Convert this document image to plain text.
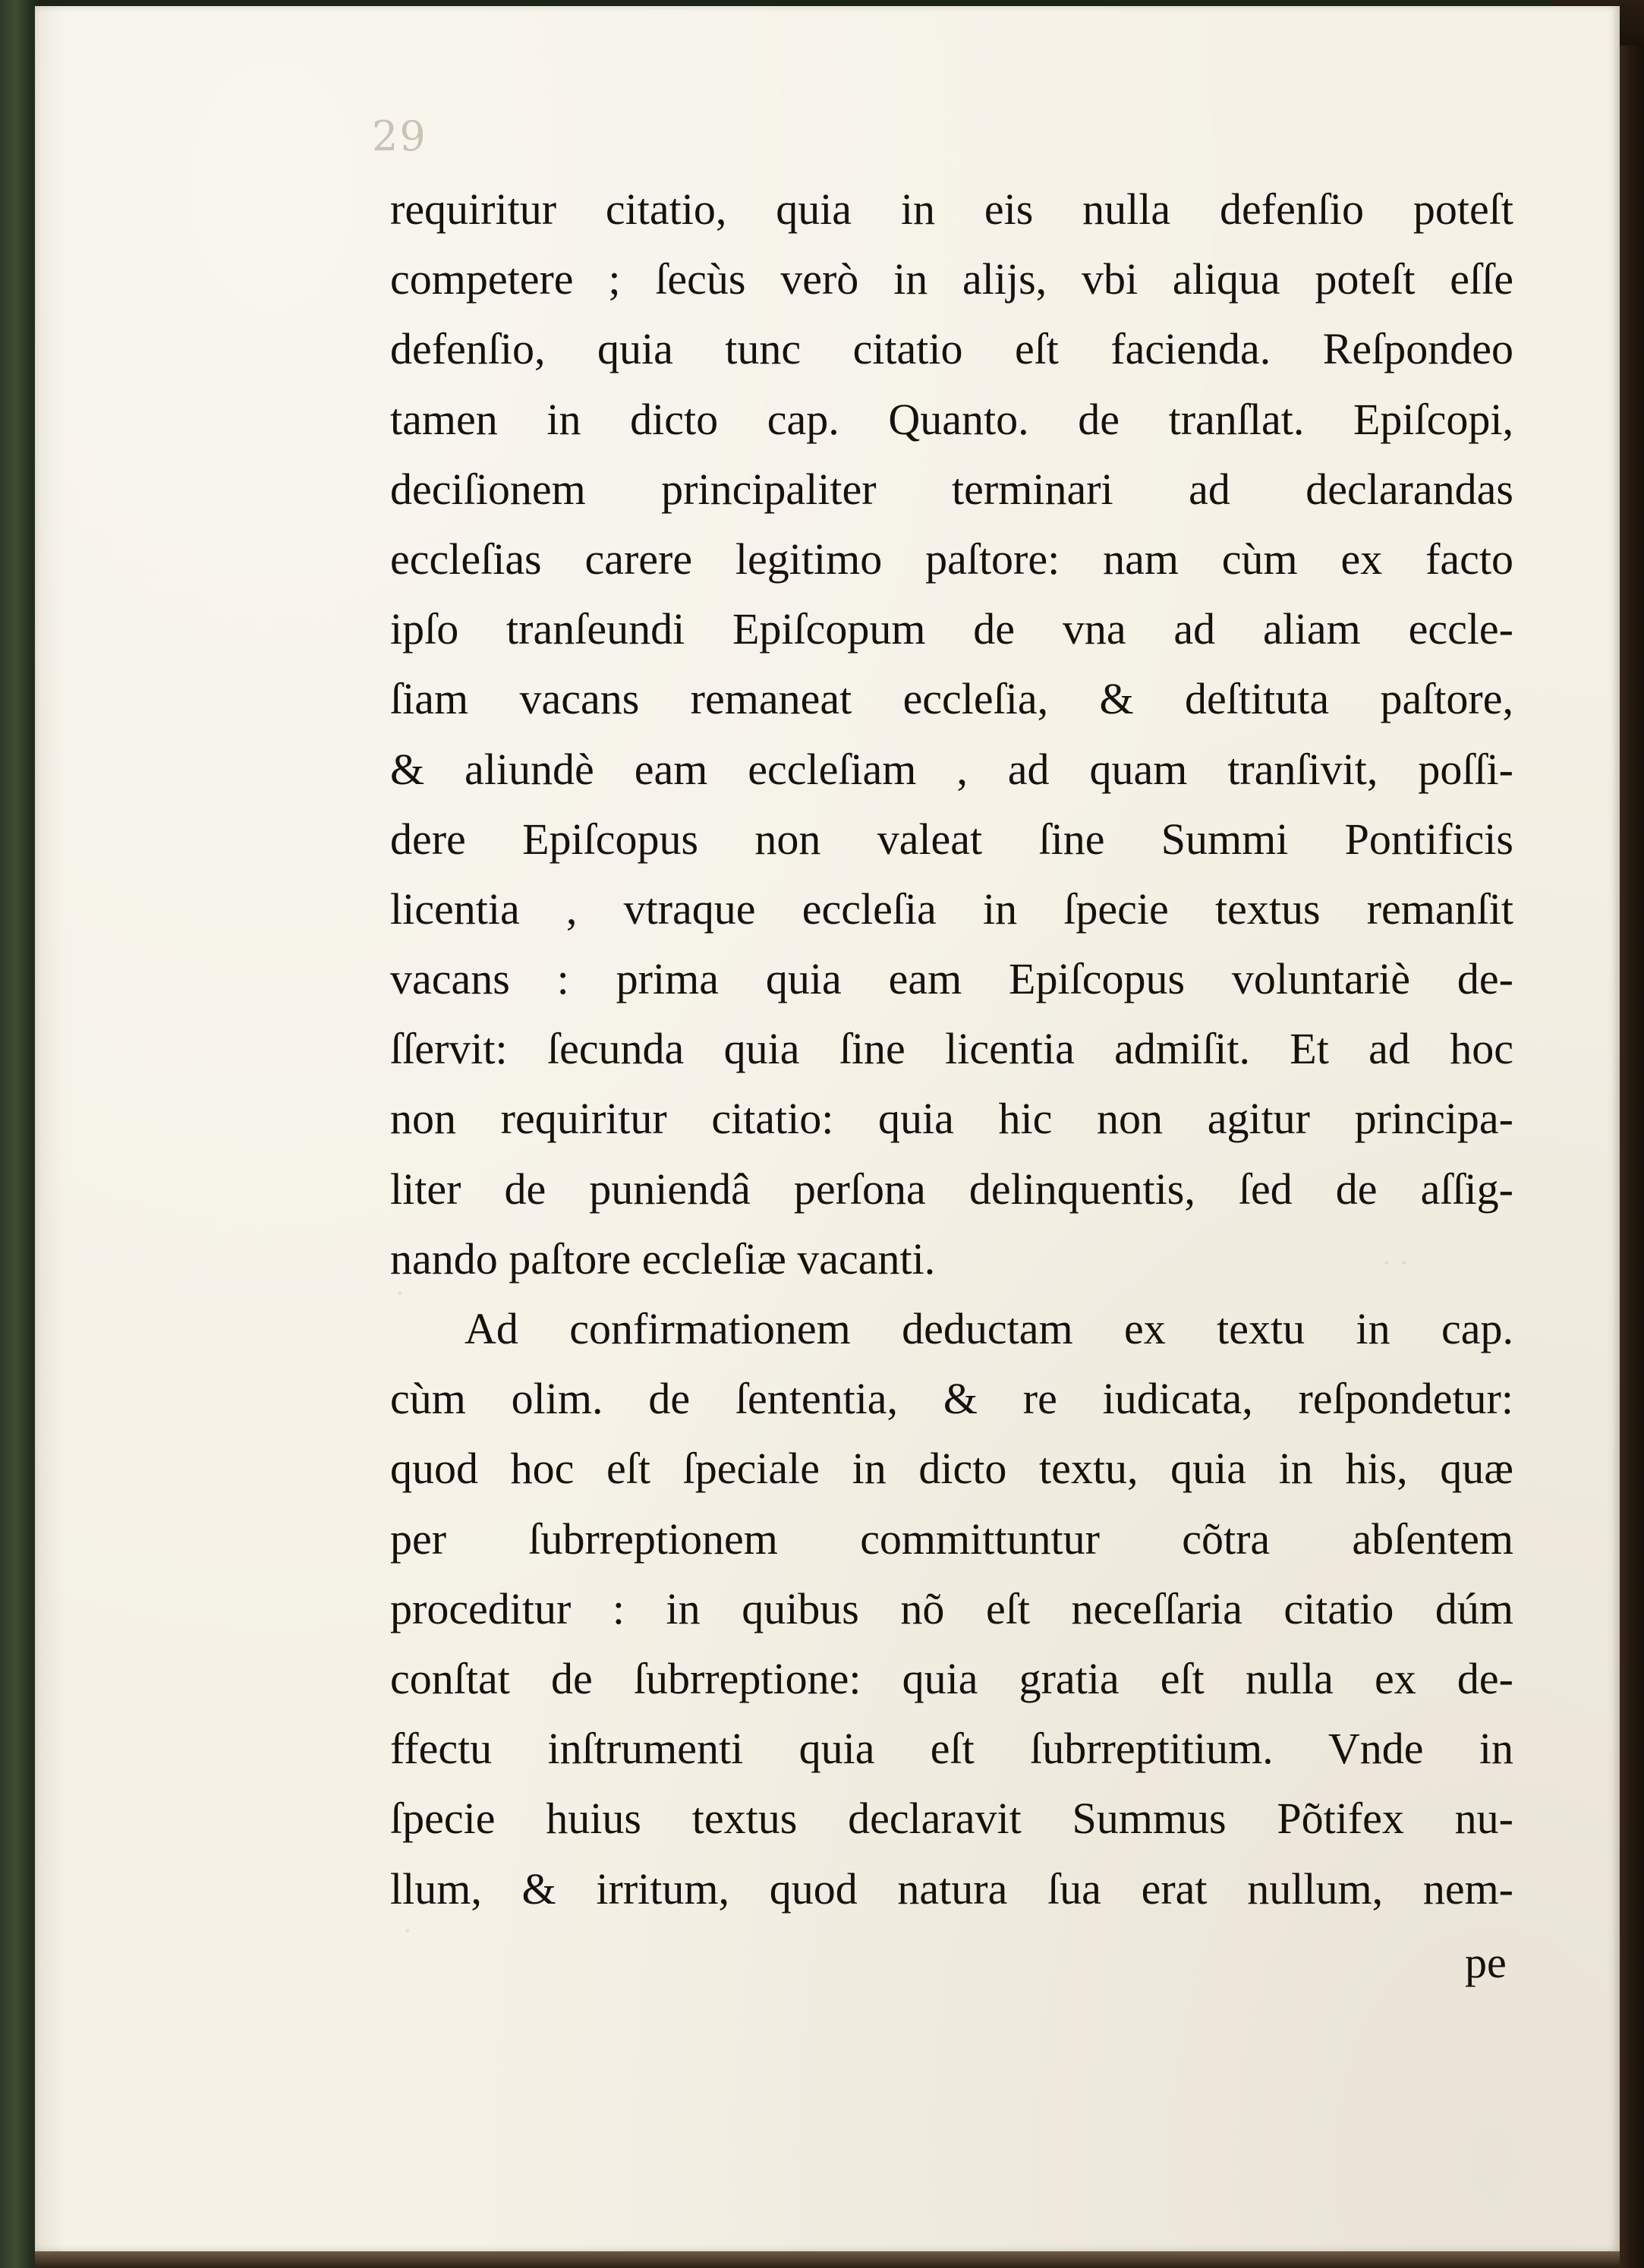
29
· ·
·
·
requiritur citatio, quia in eis nulla defenſio poteſt
competere ; ſecùs verò in alijs, vbi aliqua poteſt eſſe
defenſio, quia tunc citatio eſt facienda. Reſpondeo
tamen in dicto cap. Quanto. de tranſlat. Epiſcopi,
deciſionem principaliter terminari ad declarandas
eccleſias carere legitimo paſtore: nam cùm ex facto
ipſo tranſeundi Epiſcopum de vna ad aliam eccle-
ſiam vacans remaneat eccleſia, & deſtituta paſtore,
& aliundè eam eccleſiam , ad quam tranſivit, poſſi-
dere Epiſcopus non valeat ſine Summi Pontificis
licentia , vtraque eccleſia in ſpecie textus remanſit
vacans : prima quia eam Epiſcopus voluntariè de-
ſſervit: ſecunda quia ſine licentia admiſit. Et ad hoc
non requiritur citatio: quia hic non agitur principa-
liter de puniendâ perſona delinquentis, ſed de aſſig-
nando paſtore eccleſiæ vacanti.
Ad confirmationem deductam ex textu in cap.
cùm olim. de ſententia, & re iudicata, reſpondetur:
quod hoc eſt ſpeciale in dicto textu, quia in his, quæ
per ſubrreptionem committuntur cõtra abſentem
proceditur : in quibus nõ eſt neceſſaria citatio dúm
conſtat de ſubrreptione: quia gratia eſt nulla ex de-
ffectu inſtrumenti quia eſt ſubrreptitium. Vnde in
ſpecie huius textus declaravit Summus Põtifex nu-
llum, & irritum, quod natura ſua erat nullum, nem-
pe
